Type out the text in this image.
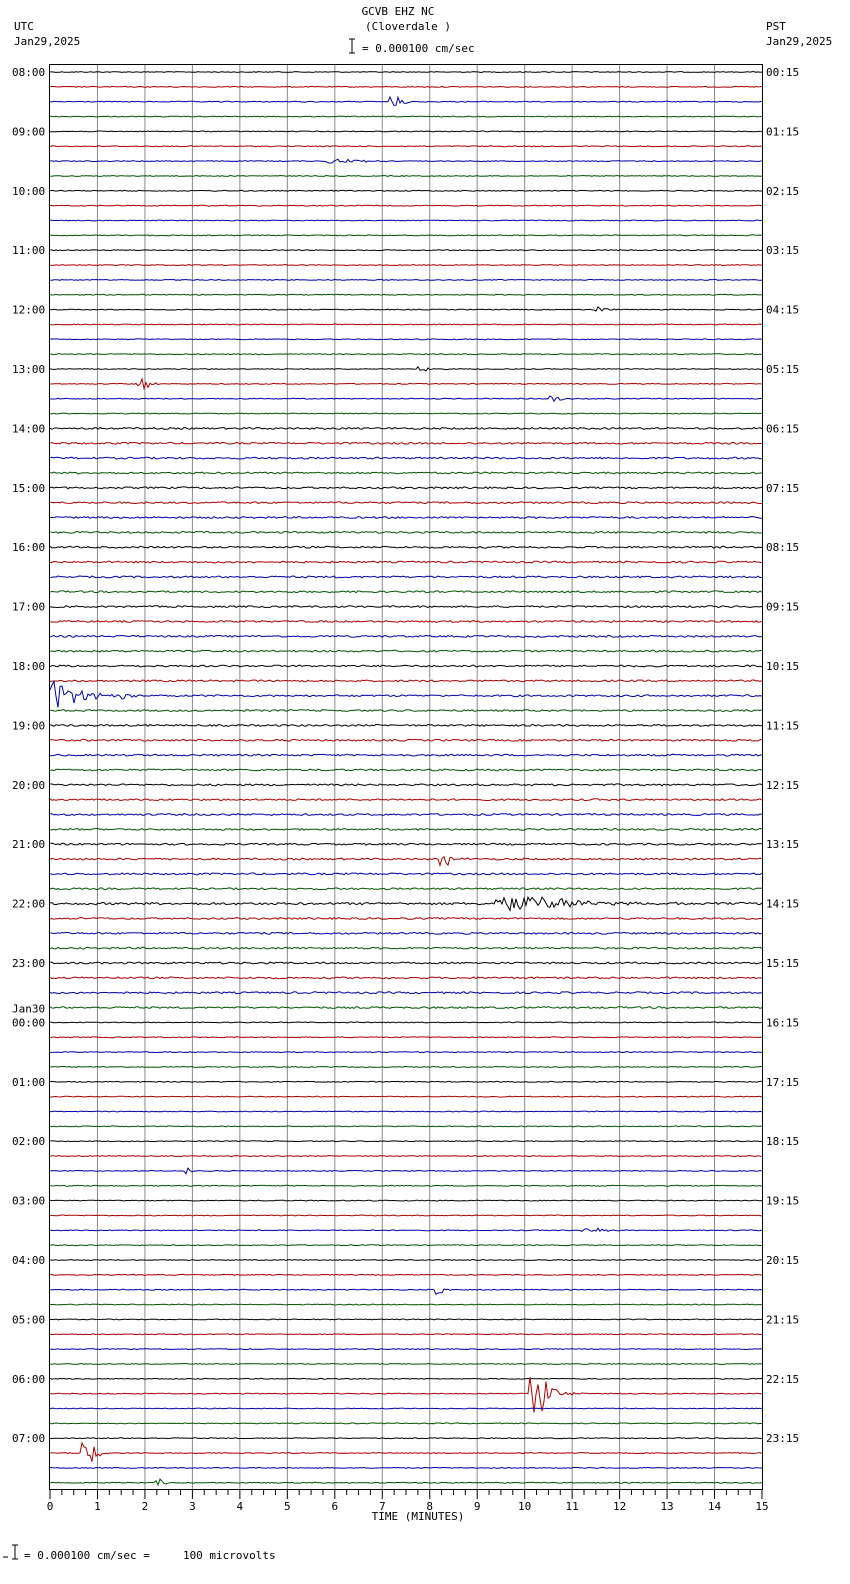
GCVB EHZ NC
(Cloverdale )
UTC
Jan29,2025
PST
Jan29,2025
= 0.000100 cm/sec
08:00
09:00
10:00
11:00
12:00
13:00
14:00
15:00
16:00
17:00
18:00
19:00
20:00
21:00
22:00
23:00
00:00
Jan30
01:00
02:00
03:00
04:00
05:00
06:00
07:00
00:15
01:15
02:15
03:15
04:15
05:15
06:15
07:15
08:15
09:15
10:15
11:15
12:15
13:15
14:15
15:15
16:15
17:15
18:15
19:15
20:15
21:15
22:15
23:15
0	1	2	3	4	5	6	7	8	9	10	11	12	13	14	15
TIME (MINUTES)
= 0.000100 cm/sec =     100 microvolts
